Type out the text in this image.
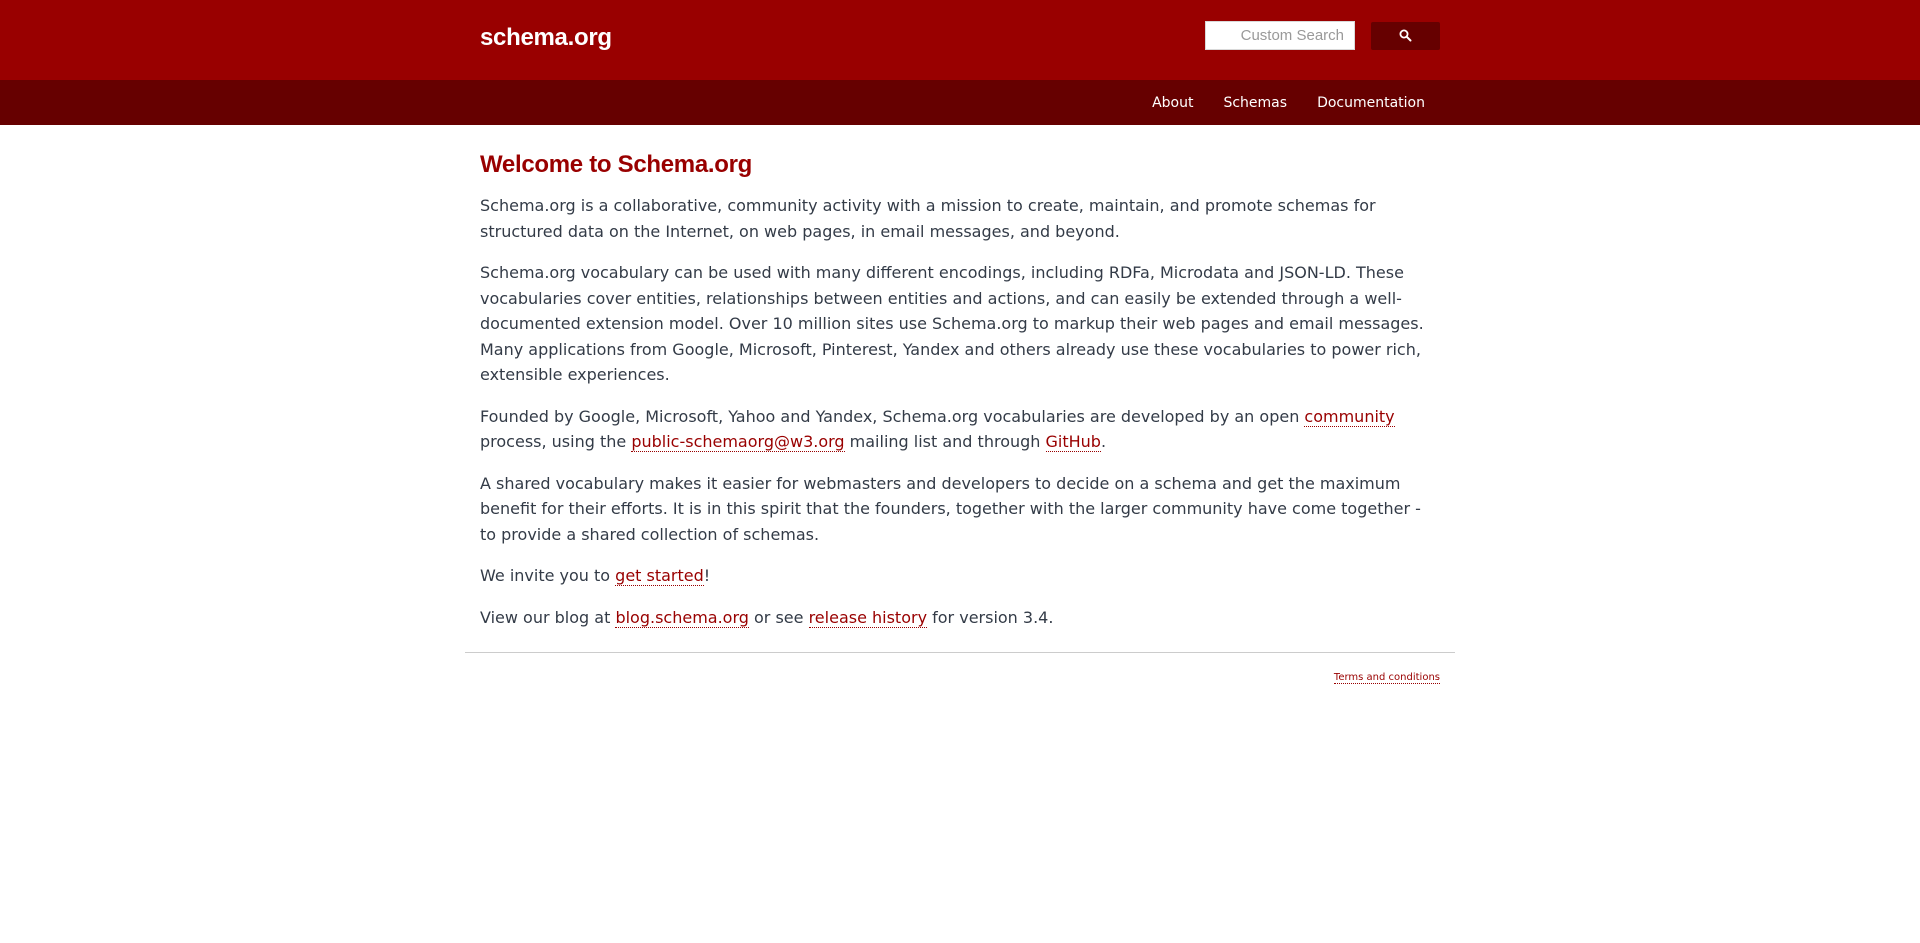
schema.org
Custom Search
About Schemas Documentation
Welcome to Schema.org

Schema.org is a collaborative, community activity with a mission to create, maintain, and promote schemas for structured data on the Internet, on web pages, in email messages, and beyond.

Schema.org vocabulary can be used with many different encodings, including RDFa, Microdata and JSON-LD. These vocabularies cover entities, relationships between entities and actions, and can easily be extended through a well-documented extension model. Over 10 million sites use Schema.org to markup their web pages and email messages. Many applications from Google, Microsoft, Pinterest, Yandex and others already use these vocabularies to power rich, extensible experiences.

Founded by Google, Microsoft, Yahoo and Yandex, Schema.org vocabularies are developed by an open community process, using the public-schemaorg@w3.org mailing list and through GitHub.

A shared vocabulary makes it easier for webmasters and developers to decide on a schema and get the maximum benefit for their efforts. It is in this spirit that the founders, together with the larger community have come together - to provide a shared collection of schemas.

We invite you to get started!

View our blog at blog.schema.org or see release history for version 3.4.

Terms and conditions
